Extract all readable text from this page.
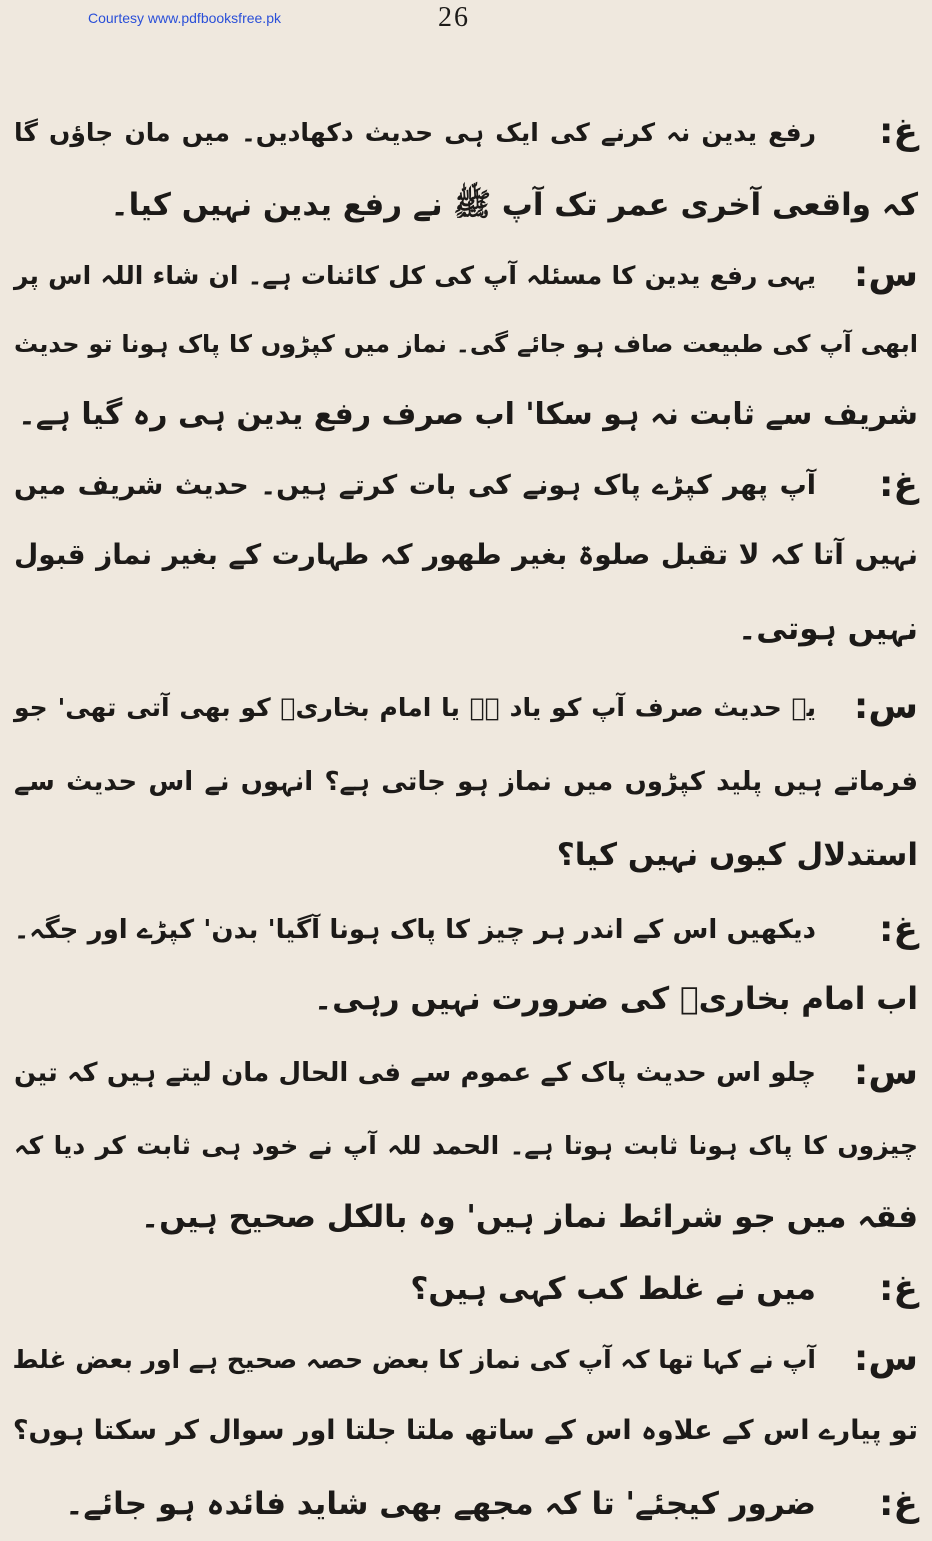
Courtesy www.pdfbooksfree.pk	26
غ:
رفع یدین نہ کرنے کی ایک ہی حدیث دکھادیں۔ میں مان جاؤں گا
کہ واقعی آخری عمر تک آپ ﷺ نے رفع یدین نہیں کیا۔
س:
یہی رفع یدین کا مسئلہ آپ کی کل کائنات ہے۔ ان شاء اللہ اس پر
ابھی آپ کی طبیعت صاف ہو جائے گی۔ نماز میں کپڑوں کا پاک ہونا تو حدیث
شریف سے ثابت نہ ہو سکا' اب صرف رفع یدین ہی رہ گیا ہے۔
غ:
آپ پھر کپڑے پاک ہونے کی بات کرتے ہیں۔ حدیث شریف میں
نہیں آتا کہ لا تقبل صلوۃ بغیر طھور کہ طہارت کے بغیر نماز قبول
نہیں ہوتی۔
س:
یہ حدیث صرف آپ کو یاد ہے یا امام بخاریؒ کو بھی آتی تھی' جو
فرماتے ہیں پلید کپڑوں میں نماز ہو جاتی ہے؟ انہوں نے اس حدیث سے
استدلال کیوں نہیں کیا؟
غ:
دیکھیں اس کے اندر ہر چیز کا پاک ہونا آگیا' بدن' کپڑے اور جگہ۔
اب امام بخاریؒ کی ضرورت نہیں رہی۔
س:
چلو اس حدیث پاک کے عموم سے فی الحال مان لیتے ہیں کہ تین
چیزوں کا پاک ہونا ثابت ہوتا ہے۔ الحمد للہ آپ نے خود ہی ثابت کر دیا کہ
فقہ میں جو شرائط نماز ہیں' وہ بالکل صحیح ہیں۔
غ:
میں نے غلط کب کہی ہیں؟
س:
آپ نے کہا تھا کہ آپ کی نماز کا بعض حصہ صحیح ہے اور بعض غلط
تو پیارے اس کے علاوہ اس کے ساتھ ملتا جلتا اور سوال کر سکتا ہوں؟
غ:
ضرور کیجئے' تا کہ مجھے بھی شاید فائدہ ہو جائے۔
